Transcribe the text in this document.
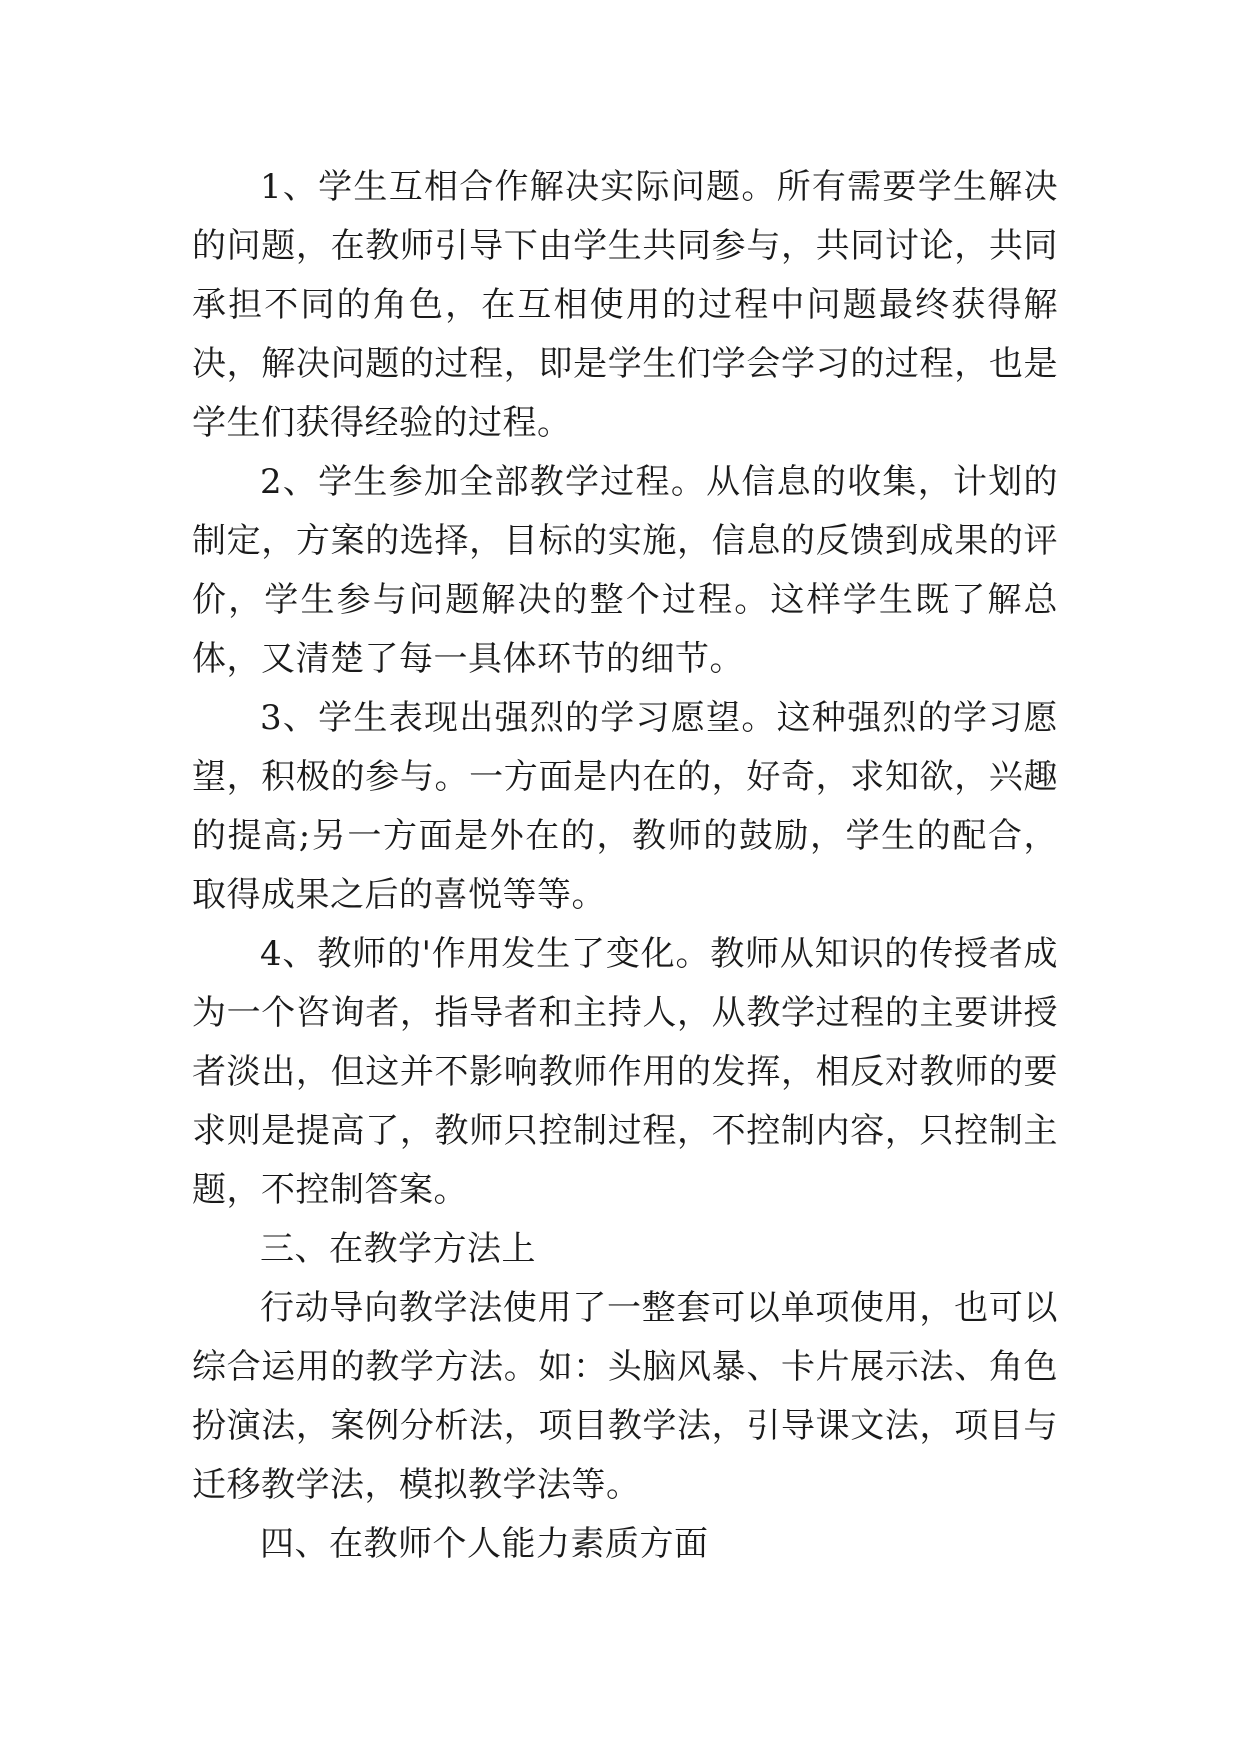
1、学生互相合作解决实际问题。所有需要学生解决的问题，在教师引导下由学生共同参与，共同讨论，共同承担不同的角色，在互相使用的过程中问题最终获得解决，解决问题的过程，即是学生们学会学习的过程，也是学生们获得经验的过程。

2、学生参加全部教学过程。从信息的收集，计划的制定，方案的选择，目标的实施，信息的反馈到成果的评价，学生参与问题解决的整个过程。这样学生既了解总体，又清楚了每一具体环节的细节。

3、学生表现出强烈的学习愿望。这种强烈的学习愿望，积极的参与。一方面是内在的，好奇，求知欲，兴趣的提高;另一方面是外在的，教师的鼓励，学生的配合，取得成果之后的喜悦等等。

4、教师的'作用发生了变化。教师从知识的传授者成为一个咨询者，指导者和主持人，从教学过程的主要讲授者淡出，但这并不影响教师作用的发挥，相反对教师的要求则是提高了，教师只控制过程，不控制内容，只控制主题，不控制答案。

三、在教学方法上

行动导向教学法使用了一整套可以单项使用，也可以综合运用的教学方法。如：头脑风暴、卡片展示法、角色扮演法，案例分析法，项目教学法，引导课文法，项目与迁移教学法，模拟教学法等。

四、在教师个人能力素质方面
